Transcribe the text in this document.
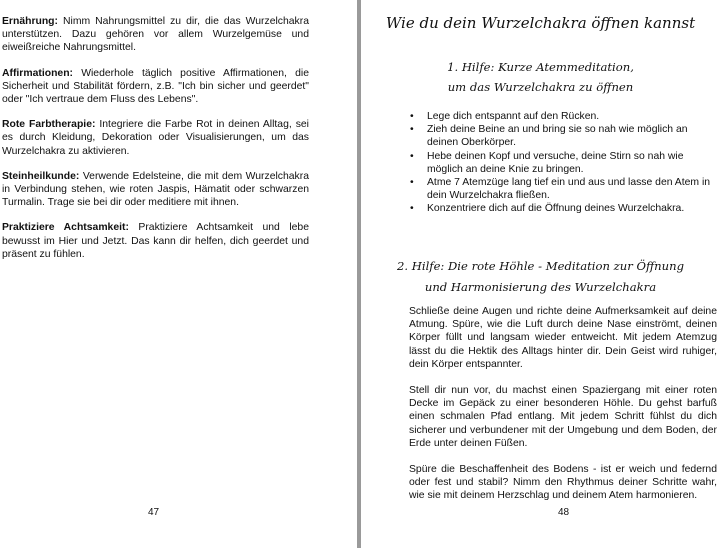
Ernährung: Nimm Nahrungsmittel zu dir, die das Wurzelchakra unterstützen. Dazu gehören vor allem Wurzelgemüse und eiweißreiche Nahrungsmittel.

Affirmationen: Wiederhole täglich positive Affirmationen, die Sicherheit und Stabilität fördern, z.B. "Ich bin sicher und geerdet" oder "Ich vertraue dem Fluss des Lebens".

Rote Farbtherapie: Integriere die Farbe Rot in deinen Alltag, sei es durch Kleidung, Dekoration oder Visualisierungen, um das Wurzelchakra zu aktivieren.

Steinheilkunde: Verwende Edelsteine, die mit dem Wurzelchakra in Verbindung stehen, wie roten Jaspis, Hämatit oder schwarzen Turmalin. Trage sie bei dir oder meditiere mit ihnen.

Praktiziere Achtsamkeit: Praktiziere Achtsamkeit und lebe bewusst im Hier und Jetzt. Das kann dir helfen, dich geerdet und präsent zu fühlen.

47
Wie du dein Wurzelchakra öffnen kannst
1. Hilfe: Kurze Atemmeditation,
um das Wurzelchakra zu öffnen
• Lege dich entspannt auf den Rücken.
• Zieh deine Beine an und bring sie so nah wie möglich an deinen Oberkörper.
• Hebe deinen Kopf und versuche, deine Stirn so nah wie möglich an deine Knie zu bringen.
• Atme 7 Atemzüge lang tief ein und aus und lasse den Atem in dein Wurzelchakra fließen.
• Konzentriere dich auf die Öffnung deines Wurzelchakra.
2. Hilfe: Die rote Höhle - Meditation zur Öffnung
und Harmonisierung des Wurzelchakra

Schließe deine Augen und richte deine Aufmerksamkeit auf deine Atmung. Spüre, wie die Luft durch deine Nase einströmt, deinen Körper füllt und langsam wieder entweicht. Mit jedem Atemzug lässt du die Hektik des Alltags hinter dir. Dein Geist wird ruhiger, dein Körper entspannter.

Stell dir nun vor, du machst einen Spaziergang mit einer roten Decke im Gepäck zu einer besonderen Höhle. Du gehst barfuß einen schmalen Pfad entlang. Mit jedem Schritt fühlst du dich sicherer und verbundener mit der Umgebung und dem Boden, der Erde unter deinen Füßen.

Spüre die Beschaffenheit des Bodens - ist er weich und federnd oder fest und stabil? Nimm den Rhythmus deiner Schritte wahr, wie sie mit deinem Herzschlag und deinem Atem harmonieren.

48
